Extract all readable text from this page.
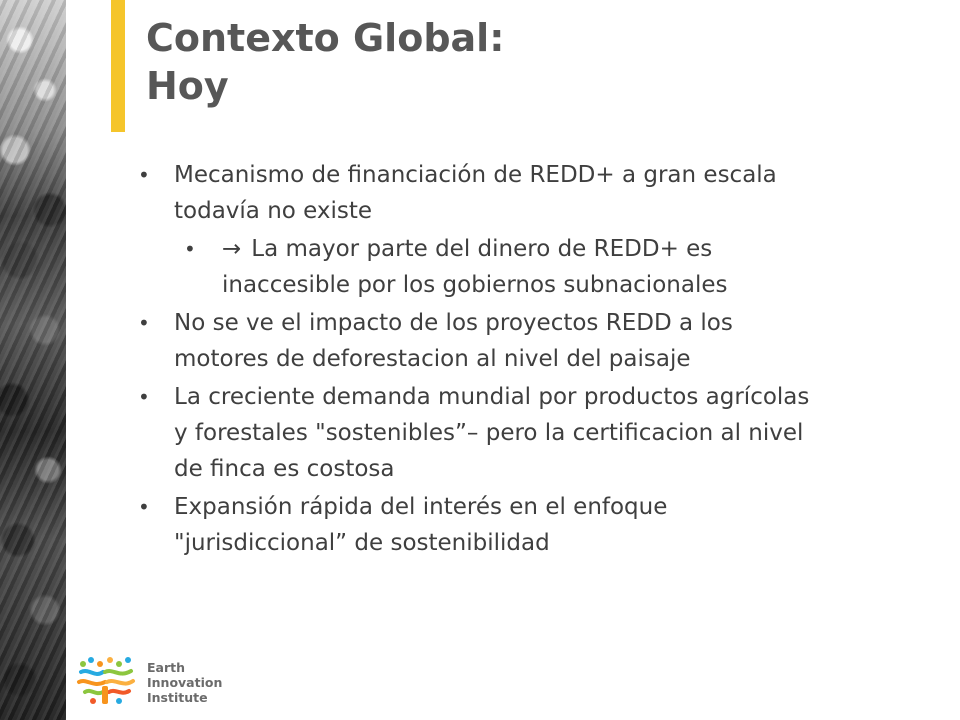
Contexto Global:
Hoy
• Mecanismo de financiación de REDD+ a gran escala
todavía no existe
• → La mayor parte del dinero de REDD+ es
inaccesible por los gobiernos subnacionales
• No se ve el impacto de los proyectos REDD a los
motores de deforestacion al nivel del paisaje
• La creciente demanda mundial por productos agrícolas
y forestales "sostenibles”– pero la certificacion al nivel
de finca es costosa
• Expansión rápida del interés en el enfoque
"jurisdiccional” de sostenibilidad
Earth
Innovation
Institute
